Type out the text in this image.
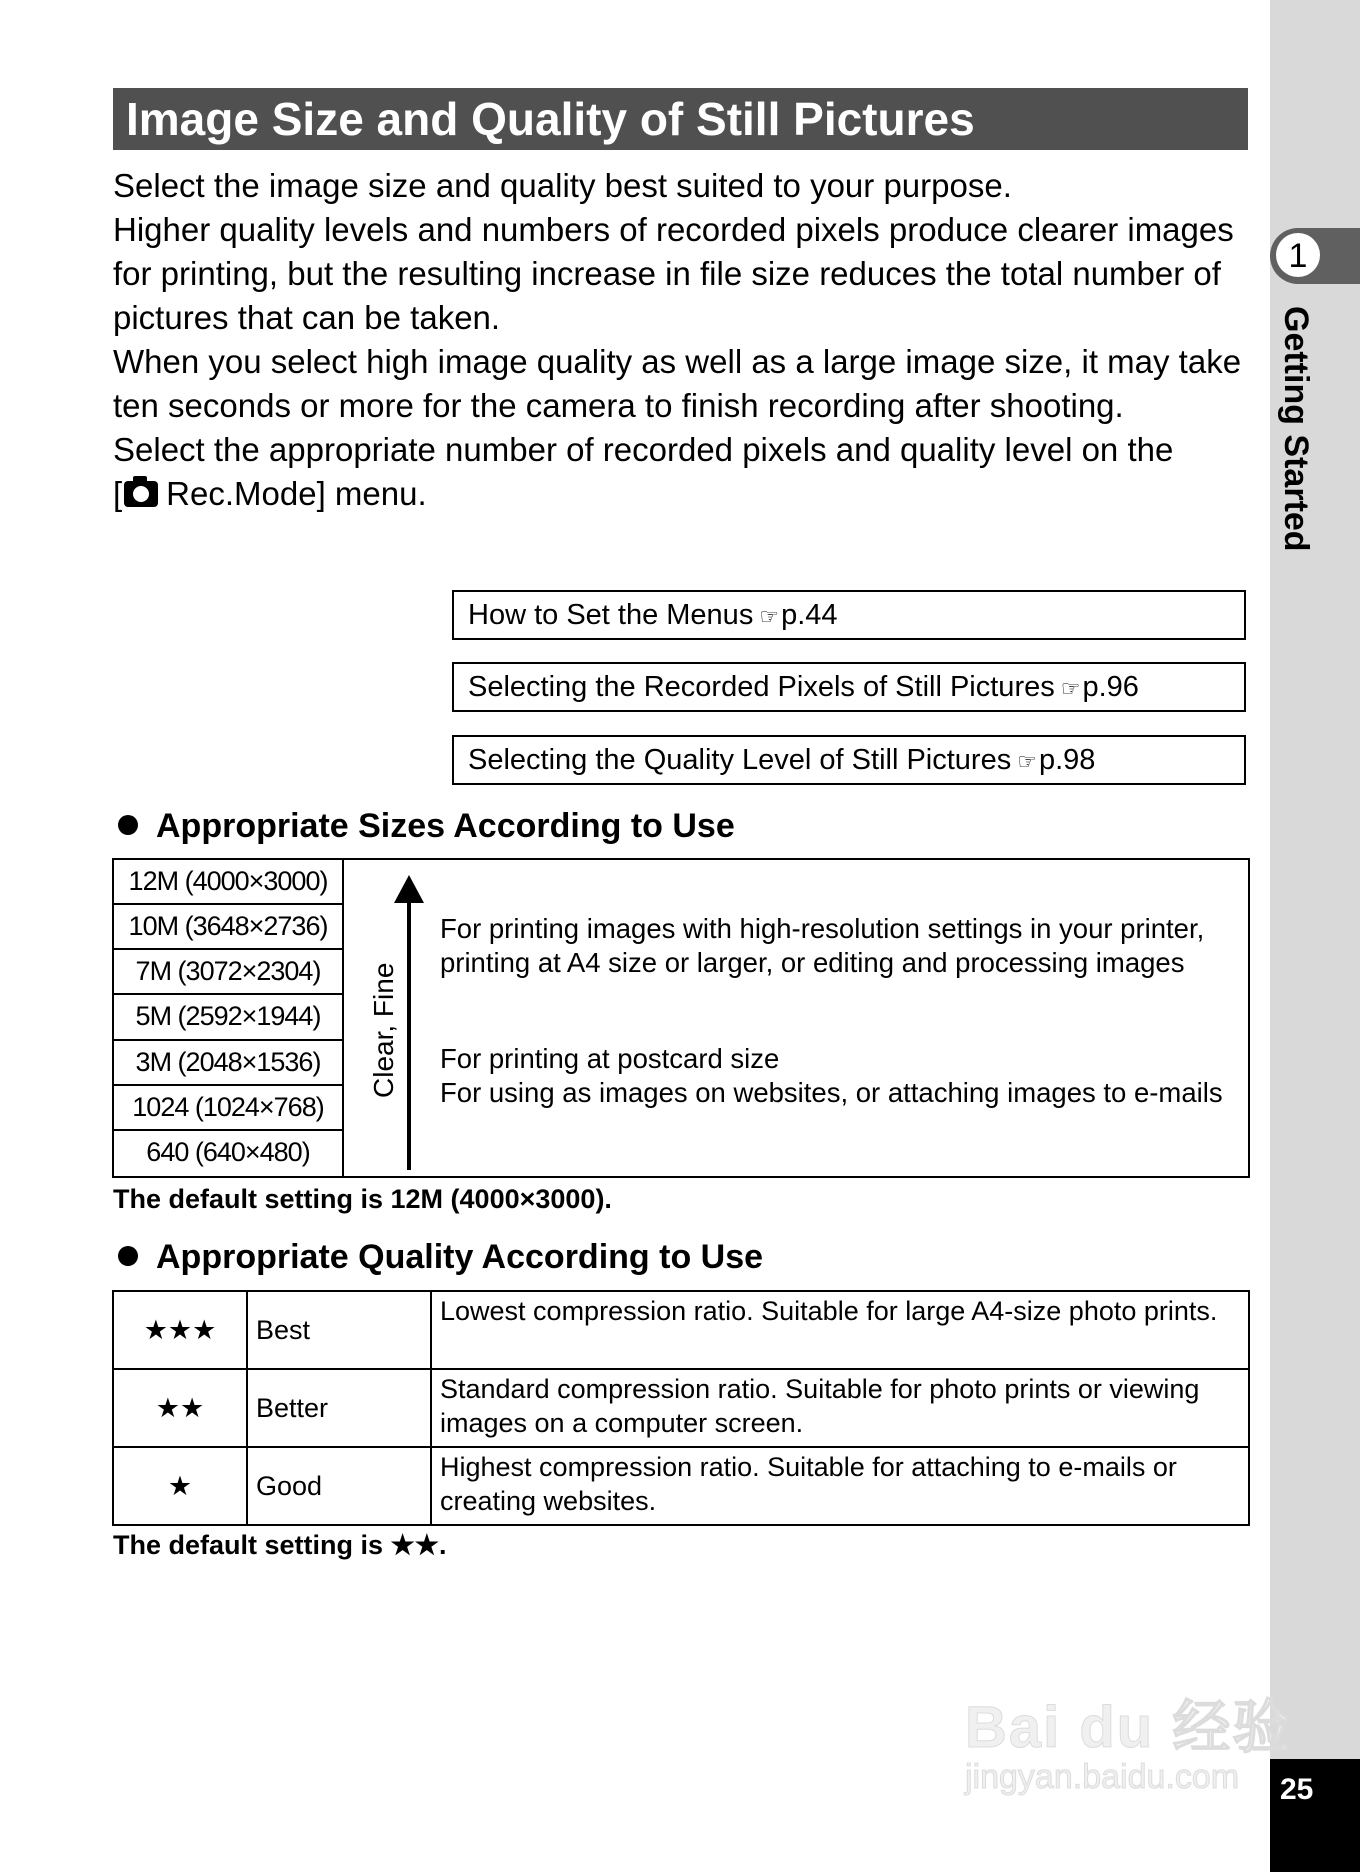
1
Getting Started
25
Image Size and Quality of Still Pictures

Select the image size and quality best suited to your purpose.

Higher quality levels and numbers of recorded pixels produce clearer images for printing, but the resulting increase in file size reduces the total number of pictures that can be taken.

When you select high image quality as well as a large image size, it may take ten seconds or more for the camera to finish recording after shooting.

Select the appropriate number of recorded pixels and quality level on the

[ Rec.Mode] menu.

How to Set the Menus ☞p.44
Selecting the Recorded Pixels of Still Pictures ☞p.96
Selecting the Quality Level of Still Pictures ☞p.98
Appropriate Sizes According to Use
12M (4000×3000)
10M (3648×2736)
7M (3072×2304)
5M (2592×1944)
3M (2048×1536)
1024 (1024×768)
640 (640×480)
Clear, Fine
For printing images with high-resolution settings in your printer,
printing at A4 size or larger, or editing and processing images
For printing at postcard size
For using as images on websites, or attaching images to e-mails
The default setting is 12M (4000×3000).
Appropriate Quality According to Use
★★★	Best	Lowest compression ratio. Suitable for large A4-size photo prints.
★★	Better	Standard compression ratio. Suitable for photo prints or viewing images on a computer screen.
★	Good	Highest compression ratio. Suitable for attaching to e-mails or creating websites.
The default setting is ★★.
Bai du 经验
jingyan.baidu.com
